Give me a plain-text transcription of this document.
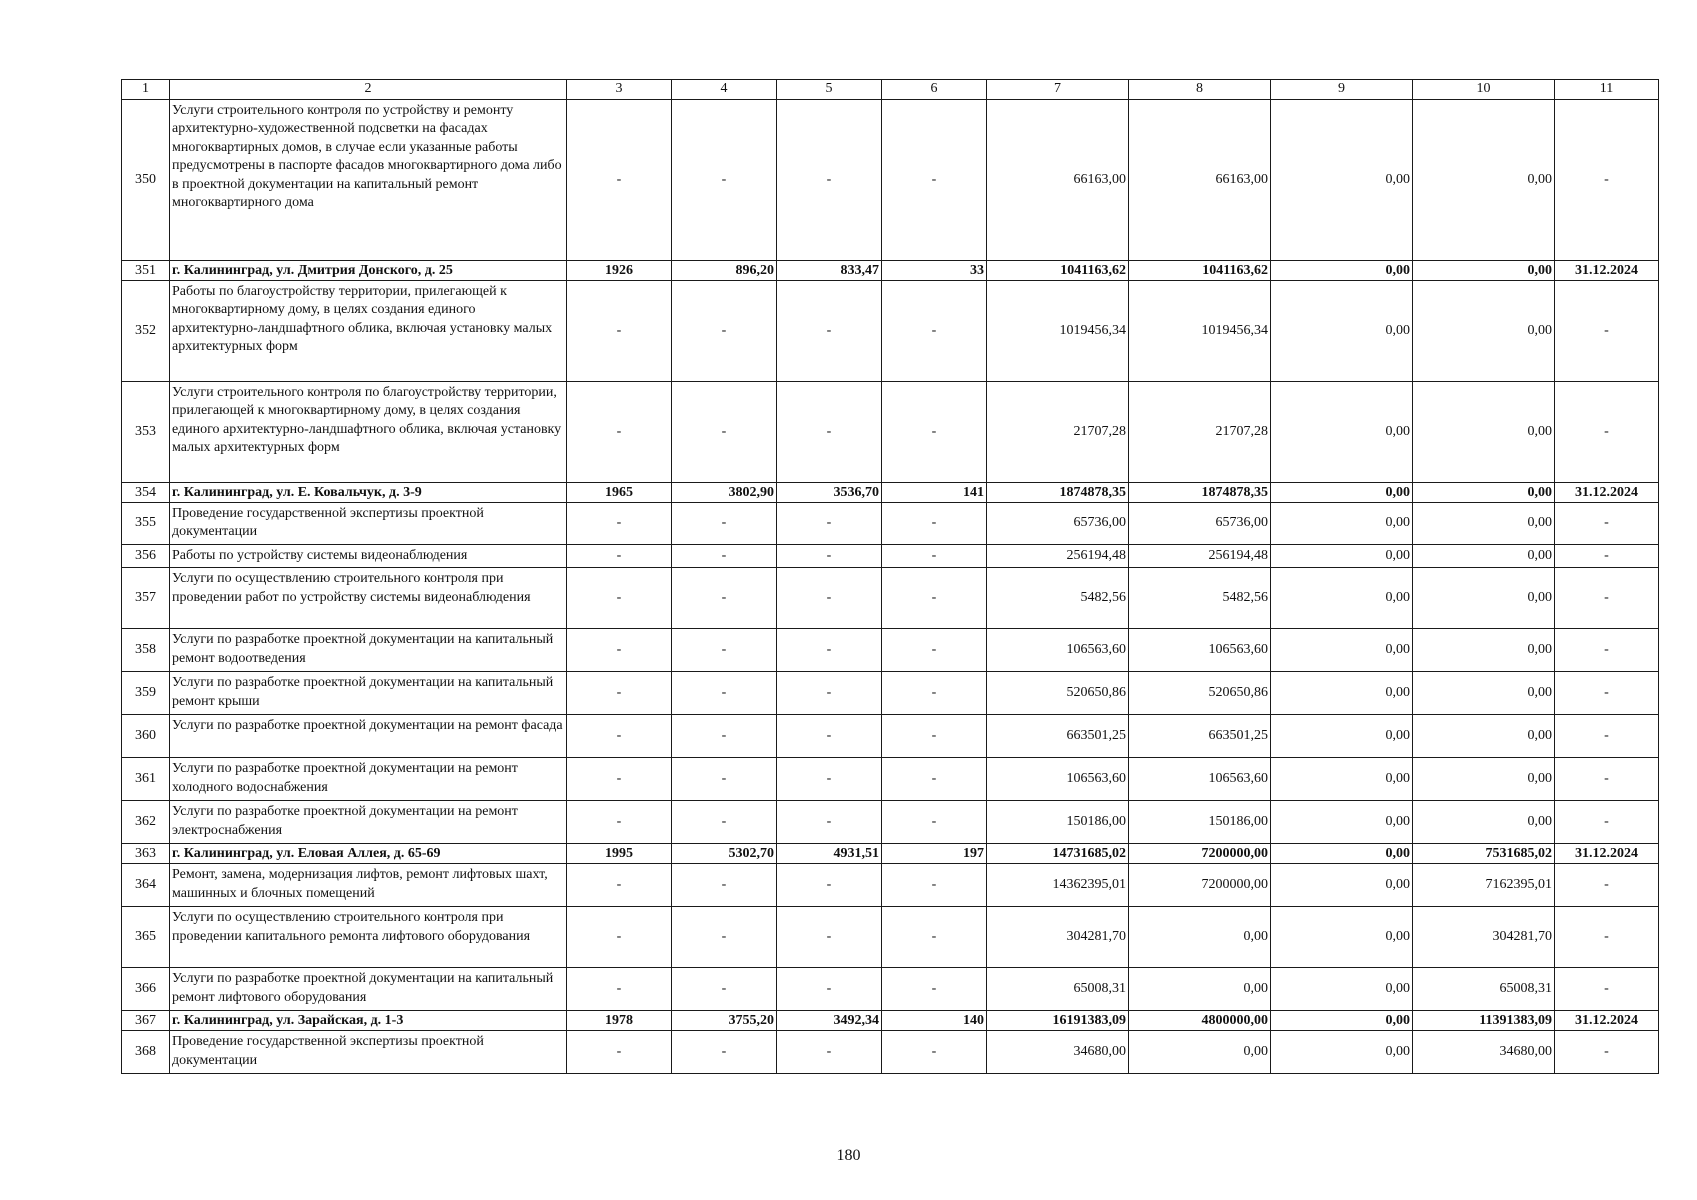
1	2	3	4	5	6	7	8	9	10	11
350	Услуги строительного контроля по устройству и ремонту архитектурно-художественной подсветки на фасадах многоквартирных домов, в случае если указанные работы предусмотрены в паспорте фасадов многоквартирного дома либо в проектной документации на капитальный ремонт многоквартирного дома	-	-	-	-	66163,00	66163,00	0,00	0,00	-
351	г. Калининград, ул. Дмитрия Донского, д. 25	1926	896,20	833,47	33	1041163,62	1041163,62	0,00	0,00	31.12.2024
352	Работы по благоустройству территории, прилегающей к многоквартирному дому, в целях создания единого архитектурно-ландшафтного облика, включая установку малых архитектурных форм	-	-	-	-	1019456,34	1019456,34	0,00	0,00	-
353	Услуги строительного контроля по благоустройству территории, прилегающей к многоквартирному дому, в целях создания единого архитектурно-ландшафтного облика, включая установку малых архитектурных форм	-	-	-	-	21707,28	21707,28	0,00	0,00	-
354	г. Калининград, ул. Е. Ковальчук, д. 3-9	1965	3802,90	3536,70	141	1874878,35	1874878,35	0,00	0,00	31.12.2024
355	Проведение государственной экспертизы проектной документации	-	-	-	-	65736,00	65736,00	0,00	0,00	-
356	Работы по устройству системы видеонаблюдения	-	-	-	-	256194,48	256194,48	0,00	0,00	-
357	Услуги по осуществлению строительного контроля при проведении работ по устройству системы видеонаблюдения	-	-	-	-	5482,56	5482,56	0,00	0,00	-
358	Услуги по разработке проектной документации на капитальный ремонт водоотведения	-	-	-	-	106563,60	106563,60	0,00	0,00	-
359	Услуги по разработке проектной документации на капитальный ремонт крыши	-	-	-	-	520650,86	520650,86	0,00	0,00	-
360	Услуги по разработке проектной документации на ремонт фасада	-	-	-	-	663501,25	663501,25	0,00	0,00	-
361	Услуги по разработке проектной документации на ремонт холодного водоснабжения	-	-	-	-	106563,60	106563,60	0,00	0,00	-
362	Услуги по разработке проектной документации на ремонт электроснабжения	-	-	-	-	150186,00	150186,00	0,00	0,00	-
363	г. Калининград, ул. Еловая Аллея, д. 65-69	1995	5302,70	4931,51	197	14731685,02	7200000,00	0,00	7531685,02	31.12.2024
364	Ремонт, замена, модернизация лифтов, ремонт лифтовых шахт, машинных и блочных помещений	-	-	-	-	14362395,01	7200000,00	0,00	7162395,01	-
365	Услуги по осуществлению строительного контроля при проведении капитального ремонта лифтового оборудования	-	-	-	-	304281,70	0,00	0,00	304281,70	-
366	Услуги по разработке проектной документации на капитальный ремонт лифтового оборудования	-	-	-	-	65008,31	0,00	0,00	65008,31	-
367	г. Калининград, ул. Зарайская, д. 1-3	1978	3755,20	3492,34	140	16191383,09	4800000,00	0,00	11391383,09	31.12.2024
368	Проведение государственной экспертизы проектной документации	-	-	-	-	34680,00	0,00	0,00	34680,00	-
180
